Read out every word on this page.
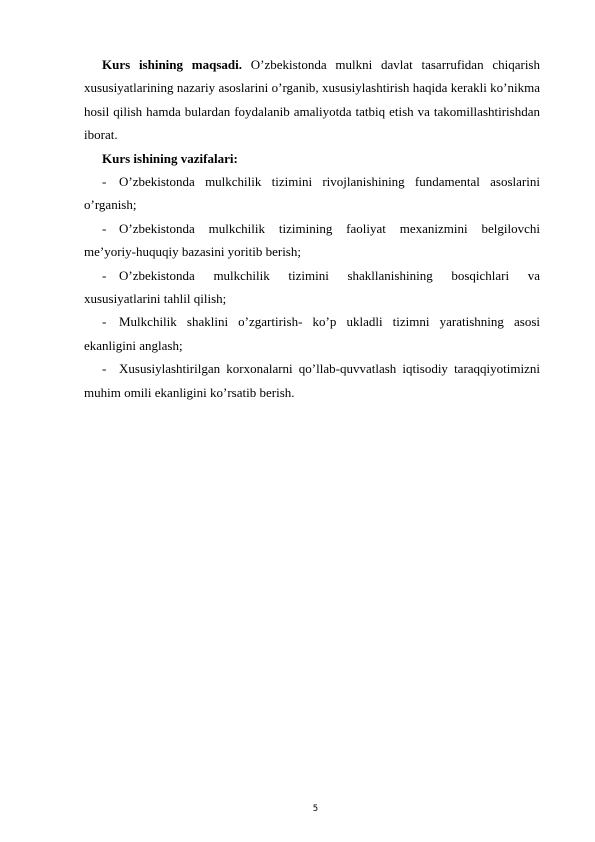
Kurs ishining maqsadi. O’zbekistonda mulkni davlat tasarrufidan chiqarish xususiyatlarining nazariy asoslarini o’rganib, xususiylashtirish haqida kerakli ko’nikma hosil qilish hamda bulardan foydalanib amaliyotda tatbiq etish va takomillashtirishdan iborat.

Kurs ishining vazifalari:

- O’zbekistonda mulkchilik tizimini rivojlanishining fundamental asoslarini o’rganish;

- O’zbekistonda mulkchilik tizimining faoliyat mexanizmini belgilovchi me’yoriy-huquqiy bazasini yoritib berish;

- O’zbekistonda mulkchilik tizimini shakllanishining bosqichlari va xususiyatlarini tahlil qilish;

- Mulkchilik shaklini o’zgartirish- ko’p ukladli tizimni yaratishning asosi ekanligini anglash;

- Xususiylashtirilgan korxonalarni qo’llab-quvvatlash iqtisodiy taraqqiyotimizni muhim omili ekanligini ko’rsatib berish.

5
